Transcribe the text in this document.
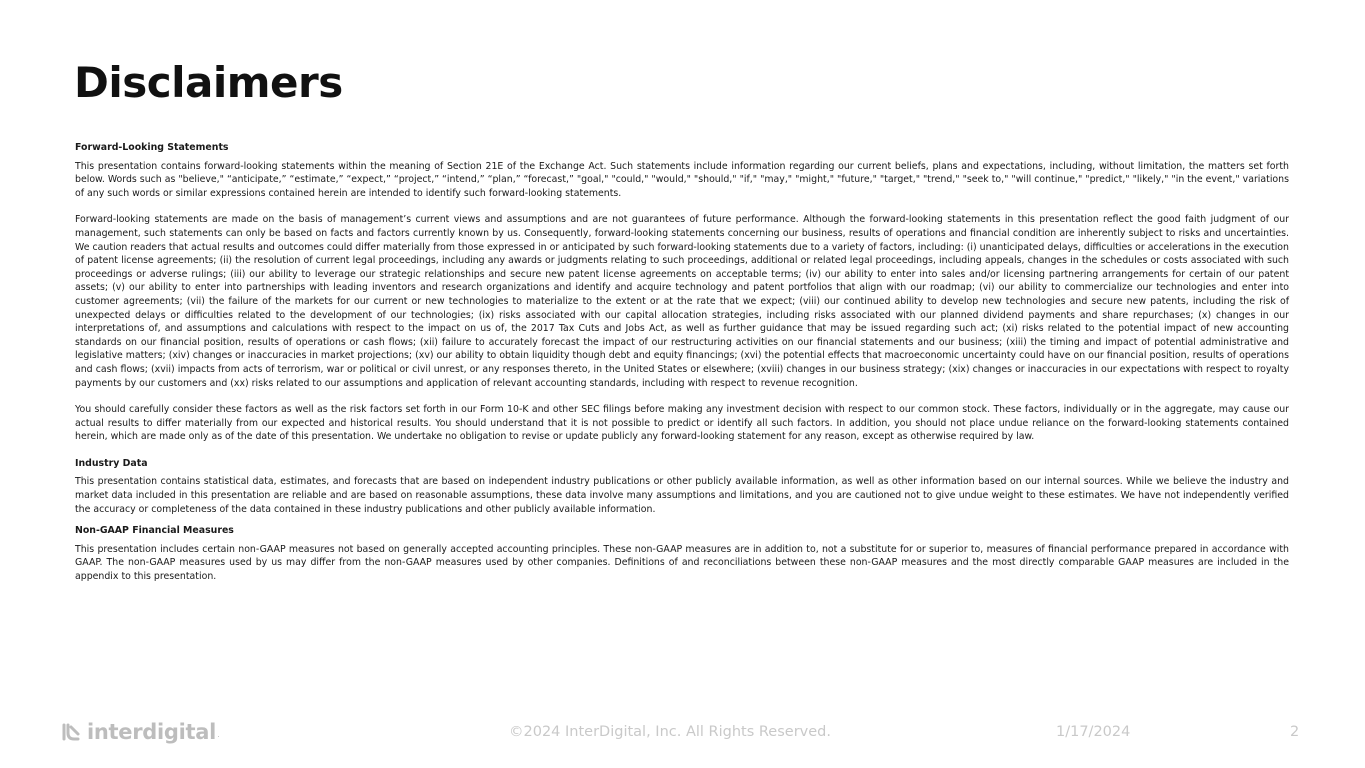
Disclaimers
Forward-Looking Statements

This presentation contains forward-looking statements within the meaning of Section 21E of the Exchange Act. Such statements include information regarding our current beliefs, plans and expectations, including, without limitation, the matters set forth below. Words such as "believe," “anticipate,” “estimate,” “expect,” “project,” “intend,” “plan,” “forecast,” "goal," "could," "would," "should," "if," "may," "might," "future," "target," "trend," "seek to," "will continue," "predict," "likely," "in the event," variations of any such words or similar expressions contained herein are intended to identify such forward-looking statements.

Forward-looking statements are made on the basis of management’s current views and assumptions and are not guarantees of future performance. Although the forward-looking statements in this presentation reflect the good faith judgment of our management, such statements can only be based on facts and factors currently known by us. Consequently, forward-looking statements concerning our business, results of operations and financial condition are inherently subject to risks and uncertainties. We caution readers that actual results and outcomes could differ materially from those expressed in or anticipated by such forward-looking statements due to a variety of factors, including: (i) unanticipated delays, difficulties or accelerations in the execution of patent license agreements; (ii) the resolution of current legal proceedings, including any awards or judgments relating to such proceedings, additional or related legal proceedings, including appeals, changes in the schedules or costs associated with such proceedings or adverse rulings; (iii) our ability to leverage our strategic relationships and secure new patent license agreements on acceptable terms; (iv) our ability to enter into sales and/or licensing partnering arrangements for certain of our patent assets; (v) our ability to enter into partnerships with leading inventors and research organizations and identify and acquire technology and patent portfolios that align with our roadmap; (vi) our ability to commercialize our technologies and enter into customer agreements; (vii) the failure of the markets for our current or new technologies to materialize to the extent or at the rate that we expect; (viii) our continued ability to develop new technologies and secure new patents, including the risk of unexpected delays or difficulties related to the development of our technologies; (ix) risks associated with our capital allocation strategies, including risks associated with our planned dividend payments and share repurchases; (x) changes in our interpretations of, and assumptions and calculations with respect to the impact on us of, the 2017 Tax Cuts and Jobs Act, as well as further guidance that may be issued regarding such act; (xi) risks related to the potential impact of new accounting standards on our financial position, results of operations or cash flows; (xii) failure to accurately forecast the impact of our restructuring activities on our financial statements and our business; (xiii) the timing and impact of potential administrative and legislative matters; (xiv) changes or inaccuracies in market projections; (xv) our ability to obtain liquidity though debt and equity financings; (xvi) the potential effects that macroeconomic uncertainty could have on our financial position, results of operations and cash flows; (xvii) impacts from acts of terrorism, war or political or civil unrest, or any responses thereto, in the United States or elsewhere; (xviii) changes in our business strategy; (xix) changes or inaccuracies in our expectations with respect to royalty payments by our customers and (xx) risks related to our assumptions and application of relevant accounting standards, including with respect to revenue recognition.

You should carefully consider these factors as well as the risk factors set forth in our Form 10-K and other SEC filings before making any investment decision with respect to our common stock. These factors, individually or in the aggregate, may cause our actual results to differ materially from our expected and historical results. You should understand that it is not possible to predict or identify all such factors. In addition, you should not place undue reliance on the forward-looking statements contained herein, which are made only as of the date of this presentation. We undertake no obligation to revise or update publicly any forward-looking statement for any reason, except as otherwise required by law.

Industry Data

This presentation contains statistical data, estimates, and forecasts that are based on independent industry publications or other publicly available information, as well as other information based on our internal sources. While we believe the industry and market data included in this presentation are reliable and are based on reasonable assumptions, these data involve many assumptions and limitations, and you are cautioned not to give undue weight to these estimates. We have not independently verified the accuracy or completeness of the data contained in these industry publications and other publicly available information.

Non-GAAP Financial Measures

This presentation includes certain non-GAAP measures not based on generally accepted accounting principles. These non-GAAP measures are in addition to, not a substitute for or superior to, measures of financial performance prepared in accordance with GAAP. The non-GAAP measures used by us may differ from the non-GAAP measures used by other companies. Definitions of and reconciliations between these non-GAAP measures and the most directly comparable GAAP measures are included in the appendix to this presentation.

interdigital .	©2024 InterDigital, Inc. All Rights Reserved.	1/17/2024	2
